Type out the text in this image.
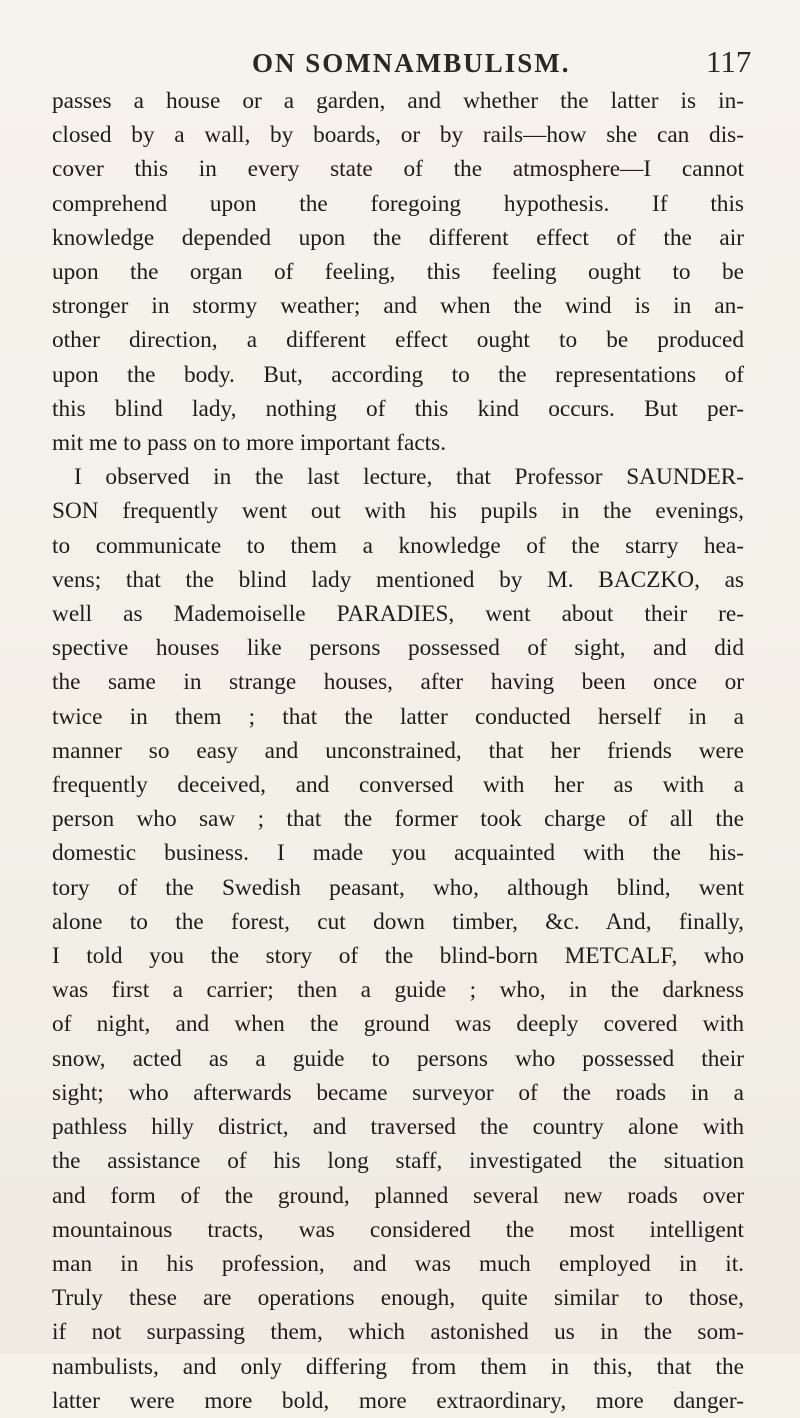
ON SOMNAMBULISM.	117
passes a house or a garden, and whether the latter is in-
closed by a wall, by boards, or by rails—how she can dis-
cover this in every state of the atmosphere—I cannot
comprehend upon the foregoing hypothesis. If this
knowledge depended upon the different effect of the air
upon the organ of feeling, this feeling ought to be
stronger in stormy weather; and when the wind is in an-
other direction, a different effect ought to be produced
upon the body. But, according to the representations of
this blind lady, nothing of this kind occurs. But per-
mit me to pass on to more important facts.
I observed in the last lecture, that Professor SAUNDER-
SON frequently went out with his pupils in the evenings,
to communicate to them a knowledge of the starry hea-
vens; that the blind lady mentioned by M. BACZKO, as
well as Mademoiselle PARADIES, went about their re-
spective houses like persons possessed of sight, and did
the same in strange houses, after having been once or
twice in them ; that the latter conducted herself in a
manner so easy and unconstrained, that her friends were
frequently deceived, and conversed with her as with a
person who saw ; that the former took charge of all the
domestic business. I made you acquainted with the his-
tory of the Swedish peasant, who, although blind, went
alone to the forest, cut down timber, &c. And, finally,
I told you the story of the blind-born METCALF, who
was first a carrier; then a guide ; who, in the darkness
of night, and when the ground was deeply covered with
snow, acted as a guide to persons who possessed their
sight; who afterwards became surveyor of the roads in a
pathless hilly district, and traversed the country alone with
the assistance of his long staff, investigated the situation
and form of the ground, planned several new roads over
mountainous tracts, was considered the most intelligent
man in his profession, and was much employed in it.
Truly these are operations enough, quite similar to those,
if not surpassing them, which astonished us in the som-
nambulists, and only differing from them in this, that the
latter were more bold, more extraordinary, more danger-
